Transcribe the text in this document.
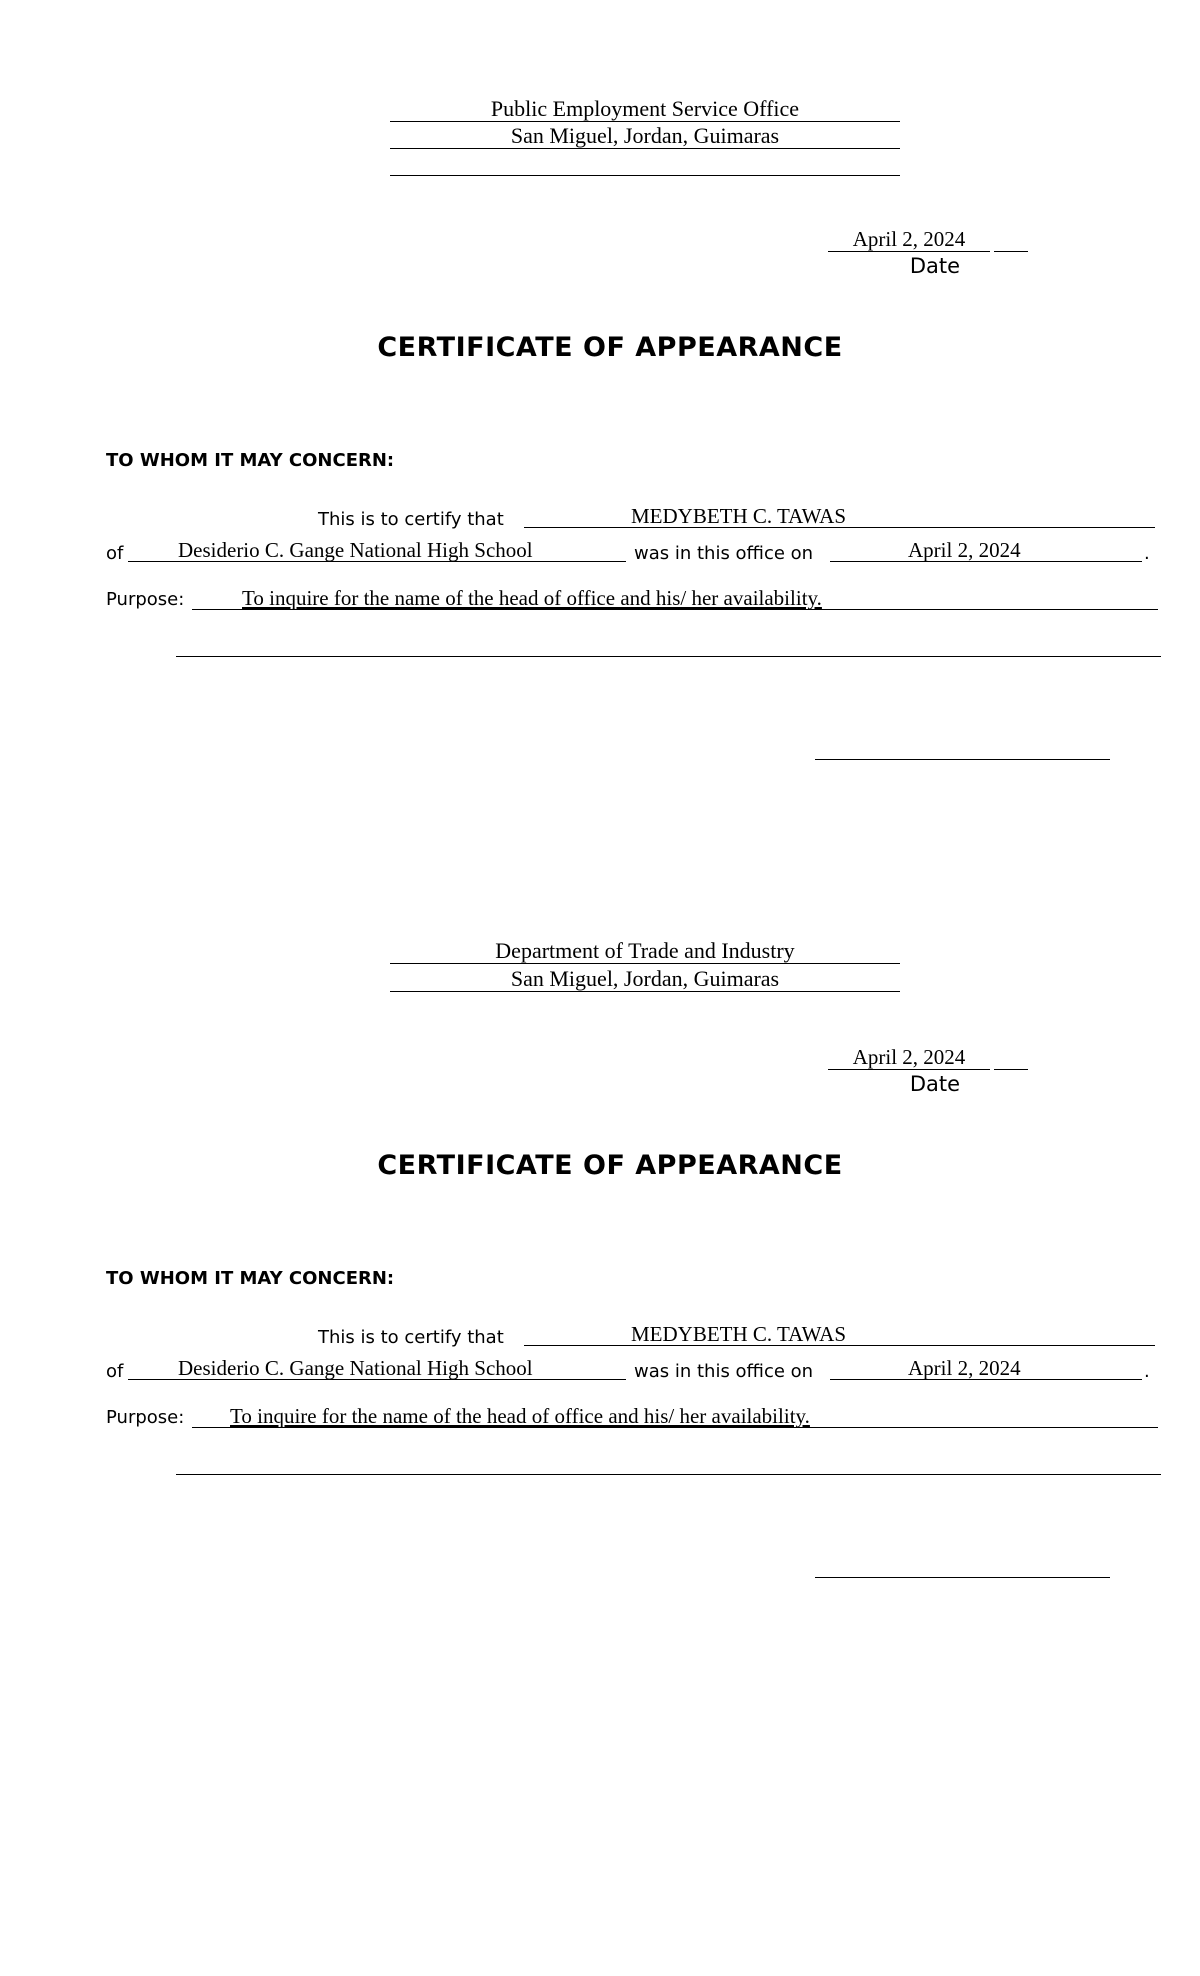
Public Employment Service Office
San Miguel, Jordan, Guimaras
April 2, 2024
Date
CERTIFICATE OF APPEARANCE
TO WHOM IT MAY CONCERN:
This is to certify that	MEDYBETH C. TAWAS
of	Desiderio C. Gange National High School	was in this office on	April 2, 2024	.
Purpose:	To inquire for the name of the head of office and his/ her availability.
Department of Trade and Industry
San Miguel, Jordan, Guimaras
April 2, 2024
Date
CERTIFICATE OF APPEARANCE
TO WHOM IT MAY CONCERN:
This is to certify that	MEDYBETH C. TAWAS
of	Desiderio C. Gange National High School	was in this office on	April 2, 2024	.
Purpose:	To inquire for the name of the head of office and his/ her availability.
